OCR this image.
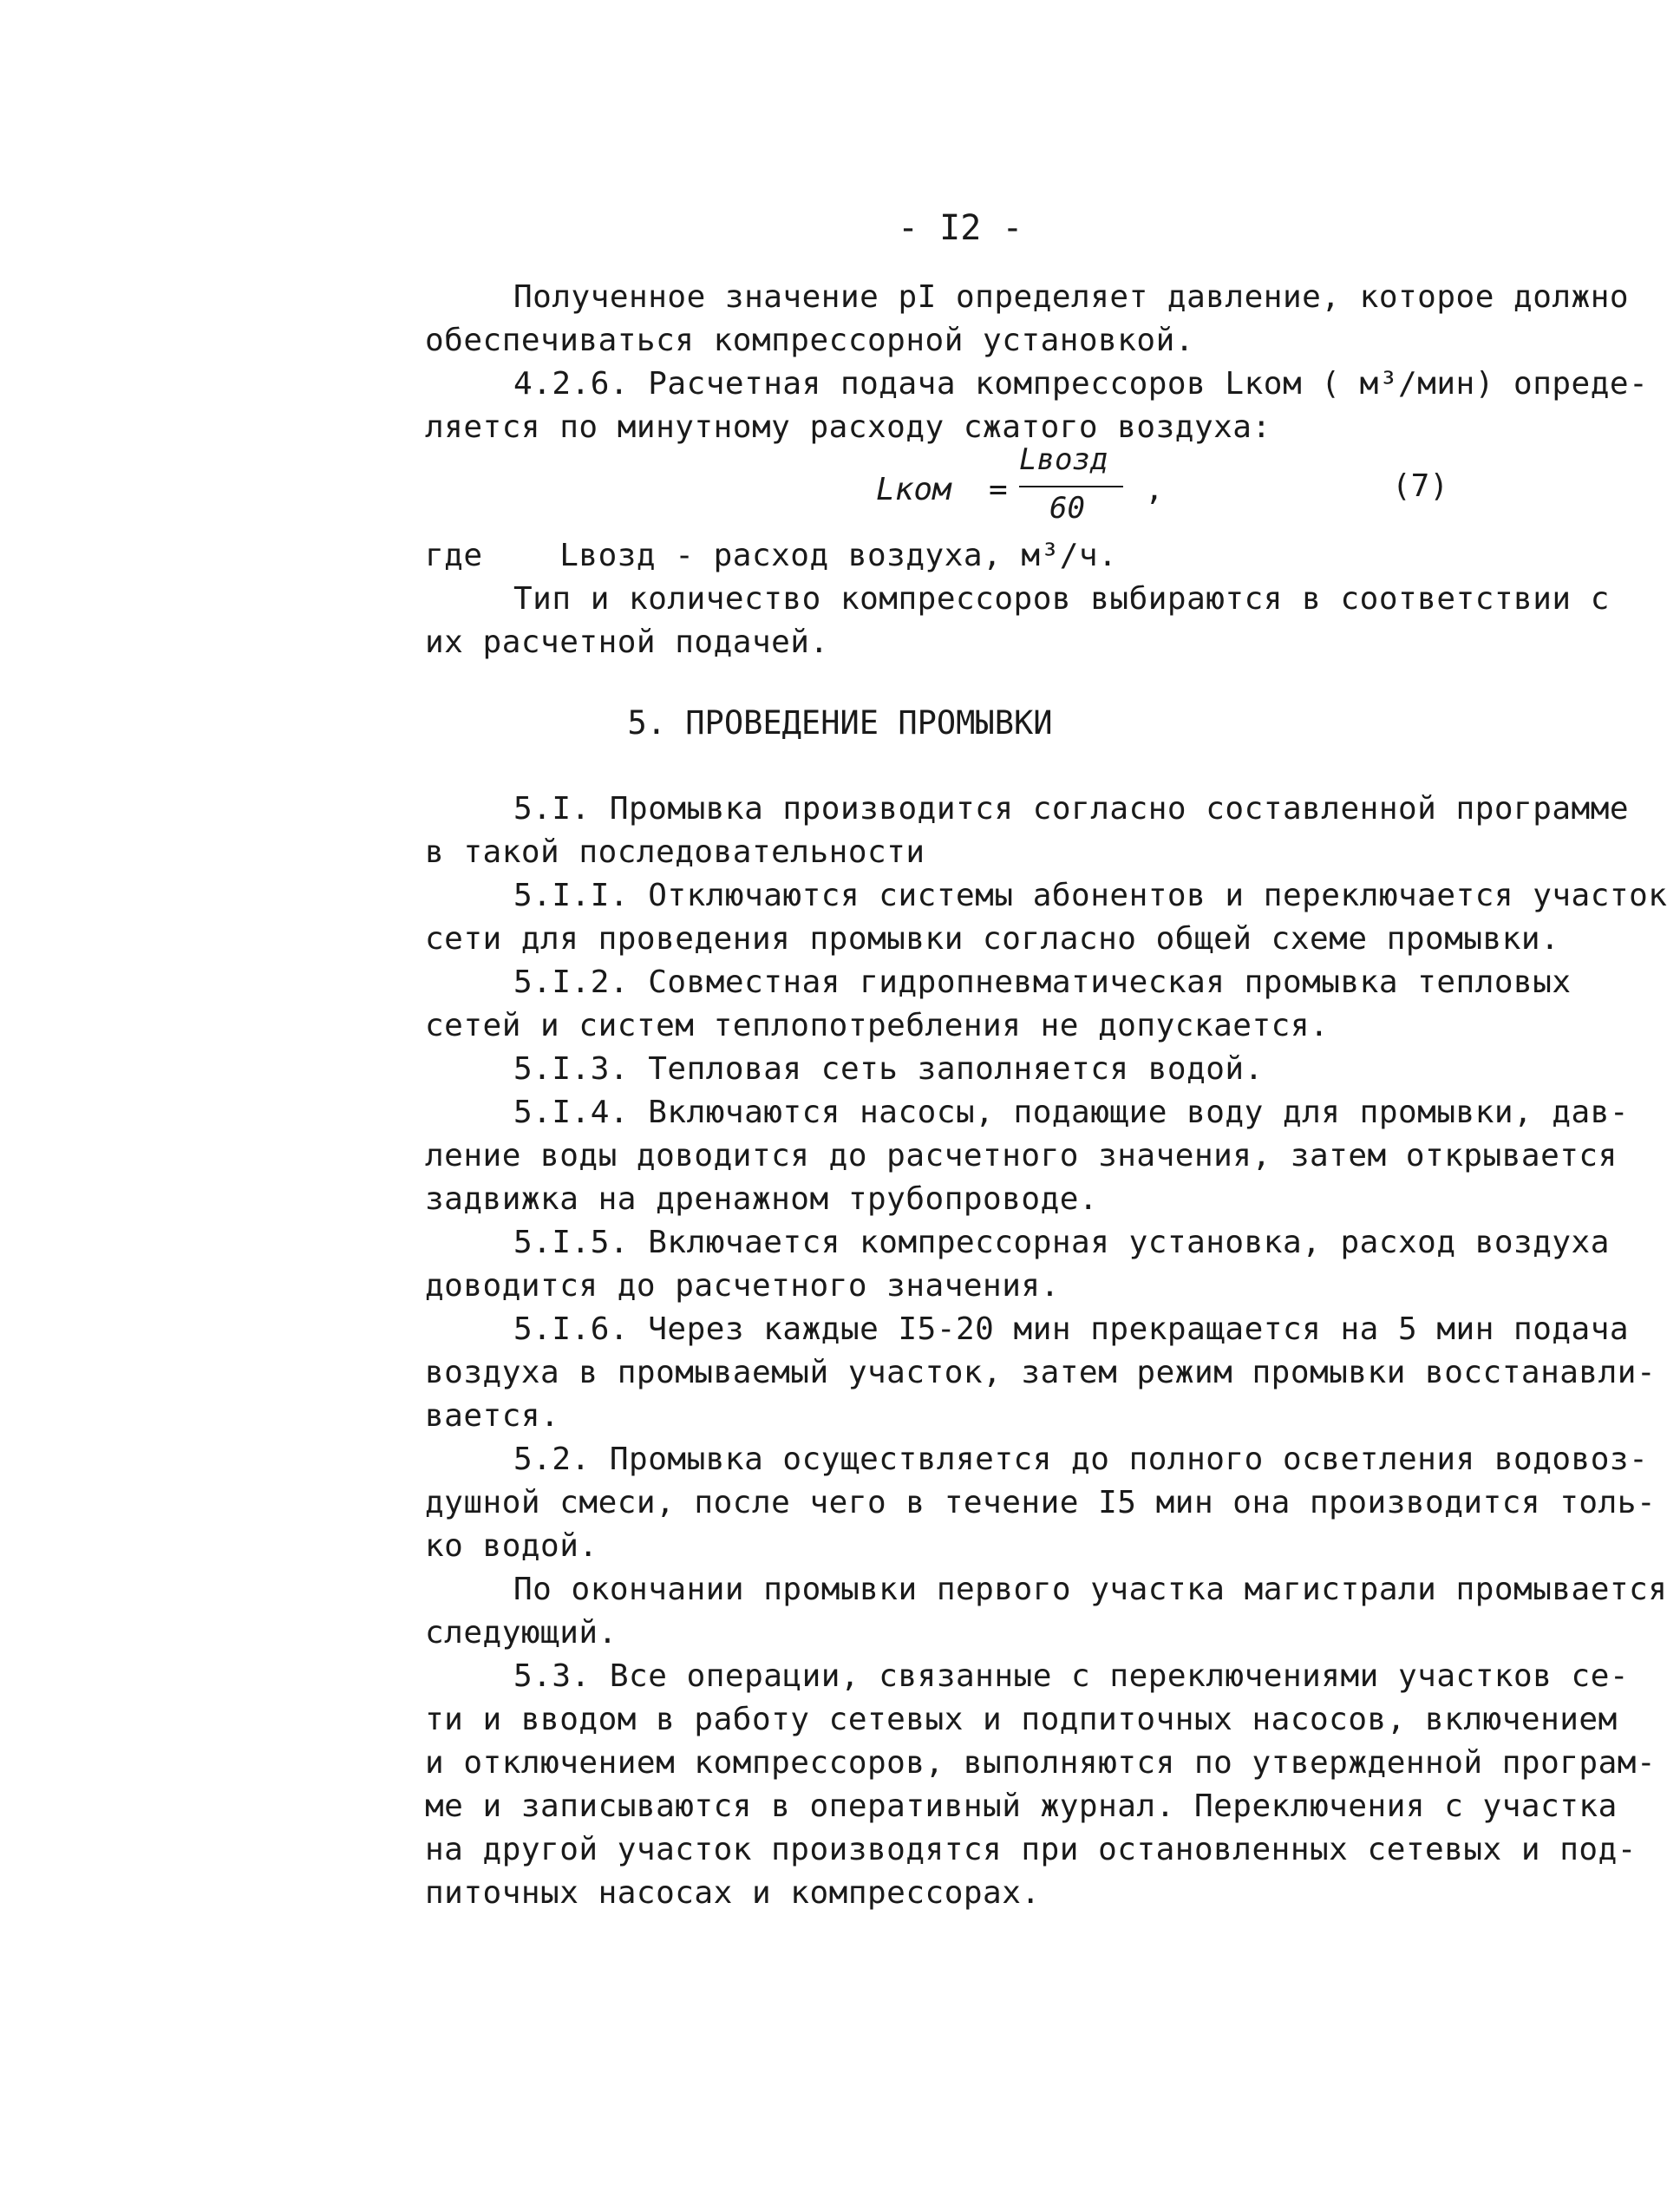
- I2 -
Полученное значение pI определяет давление, которое должно
обеспечиваться компрессорной установкой.
4.2.6. Расчетная подача компрессоров Lком ( м³/мин) опреде-
ляется по минутному расходу сжатого воздуха:
Lком =
Lвозд
60
,	(7)
где    Lвозд - расход воздуха, м³/ч.
Тип и количество компрессоров выбираются в соответствии с
их расчетной подачей.
5. ПРОВЕДЕНИЕ ПРОМЫВКИ
5.I. Промывка производится согласно составленной программе
в такой последовательности
5.I.I. Отключаются системы абонентов и переключается участок
сети для проведения промывки согласно общей схеме промывки.
5.I.2. Совместная гидропневматическая промывка тепловых
сетей и систем теплопотребления не допускается.
5.I.3. Тепловая сеть заполняется водой.
5.I.4. Включаются насосы, подающие воду для промывки, дав-
ление воды доводится до расчетного значения, затем открывается
задвижка на дренажном трубопроводе.
5.I.5. Включается компрессорная установка, расход воздуха
доводится до расчетного значения.
5.I.6. Через каждые I5-20 мин прекращается на 5 мин подача
воздуха в промываемый участок, затем режим промывки восстанавли-
вается.
5.2. Промывка осуществляется до полного осветления водовоз-
душной смеси, после чего в течение I5 мин она производится толь-
ко водой.
По окончании промывки первого участка магистрали промывается
следующий.
5.3. Все операции, связанные с переключениями участков се-
ти и вводом в работу сетевых и подпиточных насосов, включением
и отключением компрессоров, выполняются по утвержденной програм-
ме и записываются в оперативный журнал. Переключения с участка
на другой участок производятся при остановленных сетевых и под-
питочных насосах и компрессорах.
